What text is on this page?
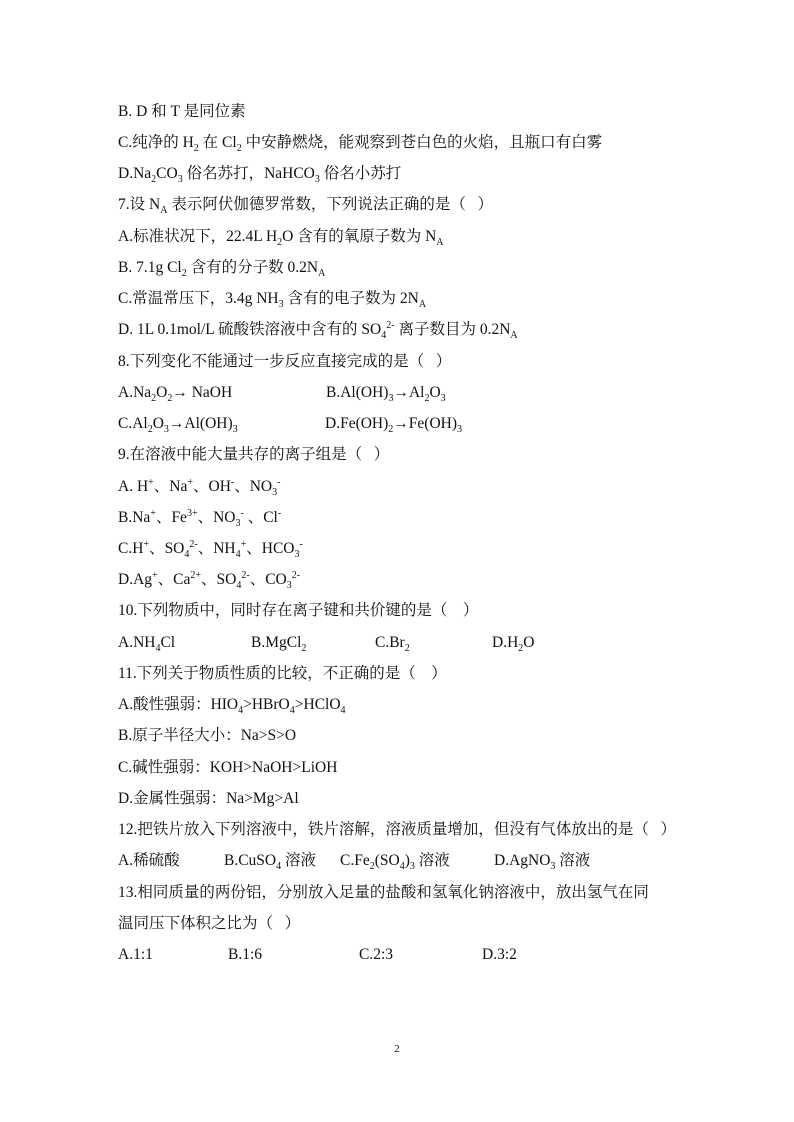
B. D 和 T 是同位素
C.纯净的 $H_2$ 在 $Cl_2$ 中安静燃烧，能观察到苍白色的火焰，且瓶口有白雾
$D.Na_2CO_3$ 俗名苏打，NaHCO$_3$ 俗名小苏打
7.设 $N_A$ 表示阿伏伽德罗常数，下列说法正确的是（   ）
A.标准状况下，22.4L $H_2O$ 含有的氧原子数为 $N_A$
B. 7.1g $Cl_2$ 含有的分子数 $0.2N_A$
C.常温常压下，3.4g $NH_3$ 含有的电子数为 $2N_A$
D. 1L 0.1mol/L 硫酸铁溶液中含有的 $SO_4^{2-}$ 离子数目为 $0.2N_A$
8.下列变化不能通过一步反应直接完成的是（   ）
$A.Na_2O_2\to$ NaOH	$B.Al(OH)_3\to Al_2O_3$
$C.Al_2O_3\to Al(OH)_3$	$D.Fe(OH)_2\to Fe(OH)_3$
9.在溶液中能大量共存的离子组是（   ）
A. H+、Na+、OH-、$NO_3^-$
B.Na+、$Fe^{3+}$、$NO_3^-$ 、Cl-
C.H+、$SO_4^{2-}$、$NH_4^+$、$HCO_3^-$
D.Ag+、$Ca^{2+}$、$SO_4^{2-}$、$CO_3^{2-}$
10.下列物质中，同时存在离子键和共价键的是（    ）
$A.NH_4Cl$	B.MgCl$_2$	$C.Br_2$	$D.H_2O$
11.下列关于物质性质的比较，不正确的是（    ）
A.酸性强弱：$HIO_4>HBrO_4>HClO_4$
B.原子半径大小：Na>S>O
C.碱性强弱：KOH>NaOH>LiOH
D.金属性强弱：Na>Mg>Al
12.把铁片放入下列溶液中，铁片溶解，溶液质量增加，但没有气体放出的是（   ）
A.稀硫酸	B.CuSO$_4$ 溶液 $C.Fe_2(SO_4)_3$ 溶液	D.AgNO$_3$ 溶液
13.相同质量的两份铝，分别放入足量的盐酸和氢氧化钠溶液中，放出氢气在同
温同压下体积之比为（   ）
A.1:1	B.1:6	C.2:3	D.3:2
2
